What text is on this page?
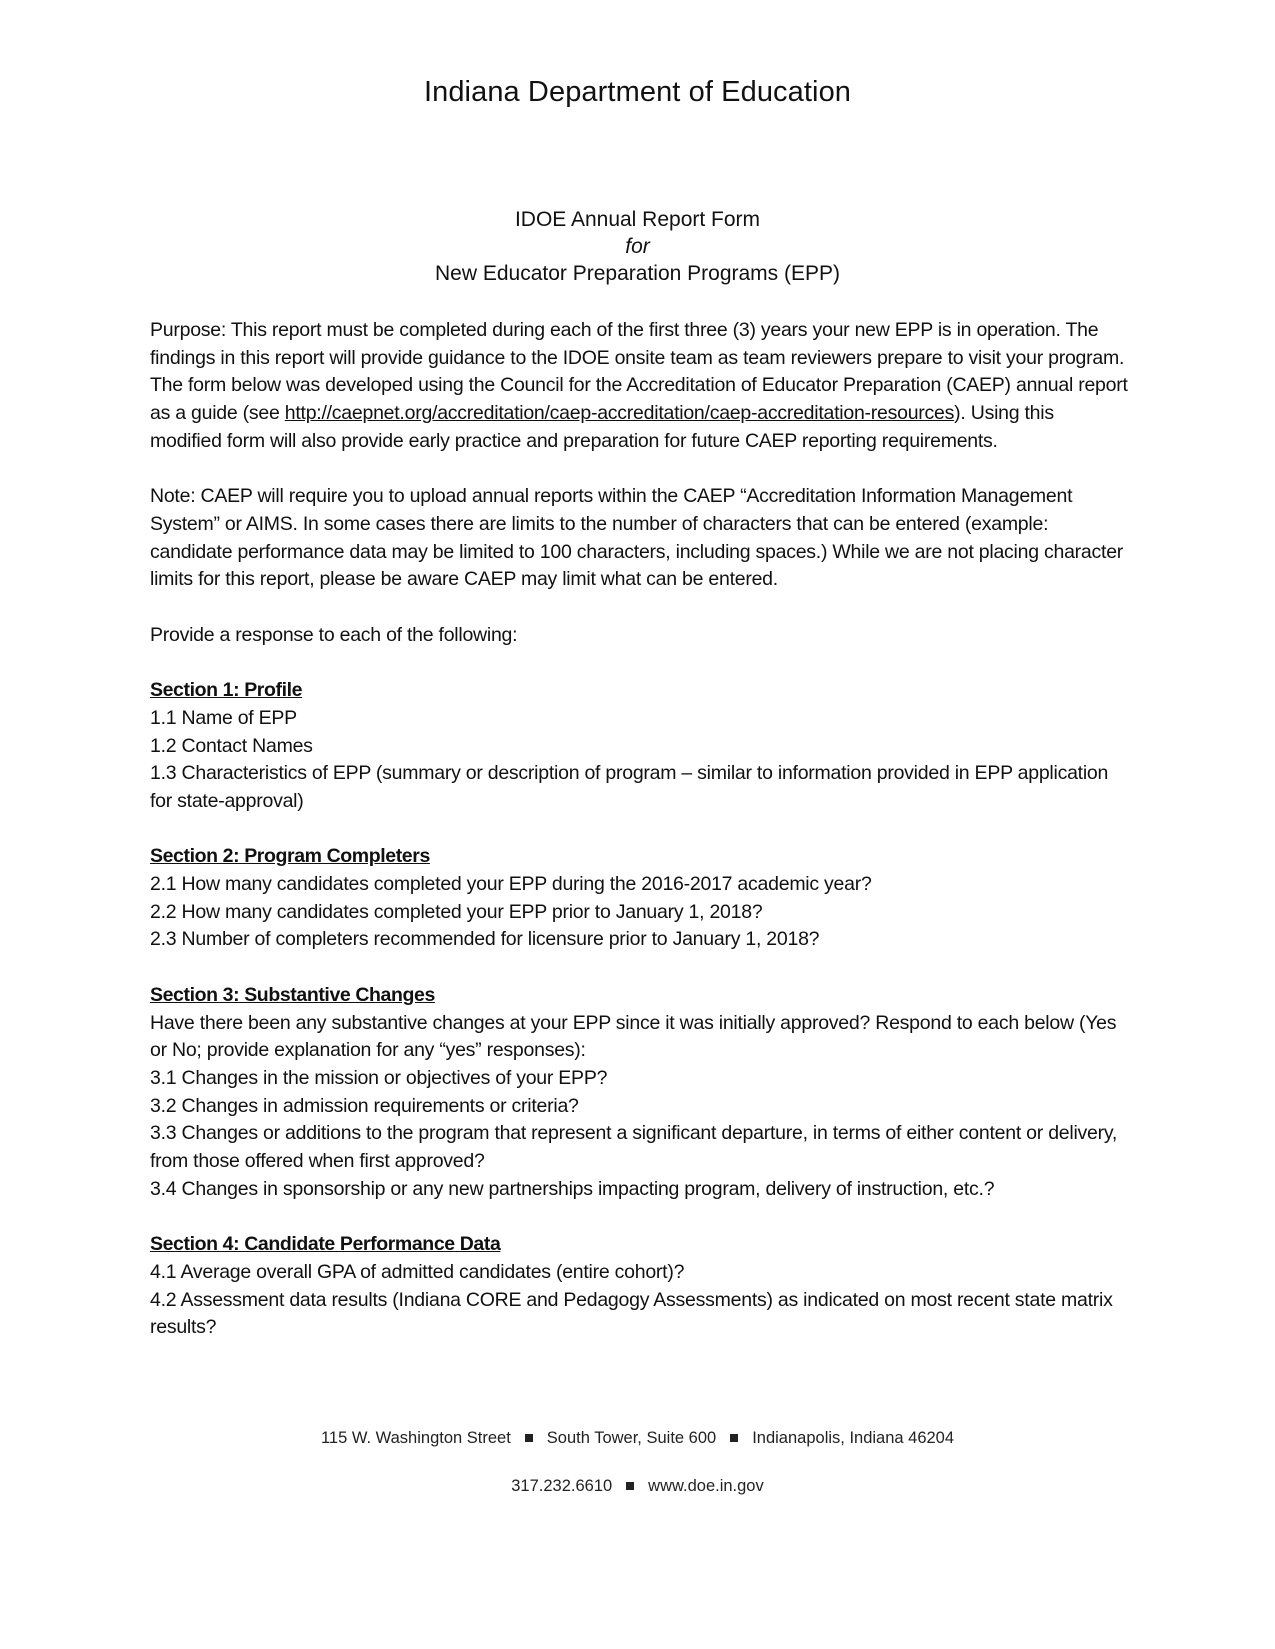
Indiana Department of Education
IDOE Annual Report Form
for
New Educator Preparation Programs (EPP)

Purpose: This report must be completed during each of the first three (3) years your new EPP is in operation. The findings in this report will provide guidance to the IDOE onsite team as team reviewers prepare to visit your program. The form below was developed using the Council for the Accreditation of Educator Preparation (CAEP) annual report as a guide (see http://caepnet.org/accreditation/caep-accreditation/caep-accreditation-resources). Using this modified form will also provide early practice and preparation for future CAEP reporting requirements.

Note: CAEP will require you to upload annual reports within the CAEP “Accreditation Information Management System” or AIMS. In some cases there are limits to the number of characters that can be entered (example: candidate performance data may be limited to 100 characters, including spaces.) While we are not placing character limits for this report, please be aware CAEP may limit what can be entered.

Provide a response to each of the following:

Section 1: Profile
1.1 Name of EPP
1.2 Contact Names
1.3 Characteristics of EPP (summary or description of program – similar to information provided in EPP application for state-approval)
Section 2: Program Completers
2.1 How many candidates completed your EPP during the 2016-2017 academic year?
2.2 How many candidates completed your EPP prior to January 1, 2018?
2.3 Number of completers recommended for licensure prior to January 1, 2018?
Section 3: Substantive Changes
Have there been any substantive changes at your EPP since it was initially approved? Respond to each below (Yes or No; provide explanation for any “yes” responses):
3.1 Changes in the mission or objectives of your EPP?
3.2 Changes in admission requirements or criteria?
3.3 Changes or additions to the program that represent a significant departure, in terms of either content or delivery, from those offered when first approved?
3.4 Changes in sponsorship or any new partnerships impacting program, delivery of instruction, etc.?
Section 4: Candidate Performance Data
4.1 Average overall GPA of admitted candidates (entire cohort)?
4.2 Assessment data results (Indiana CORE and Pedagogy Assessments) as indicated on most recent state matrix results?
115 W. Washington Street South Tower, Suite 600 Indianapolis, Indiana 46204
317.232.6610 www.doe.in.gov
